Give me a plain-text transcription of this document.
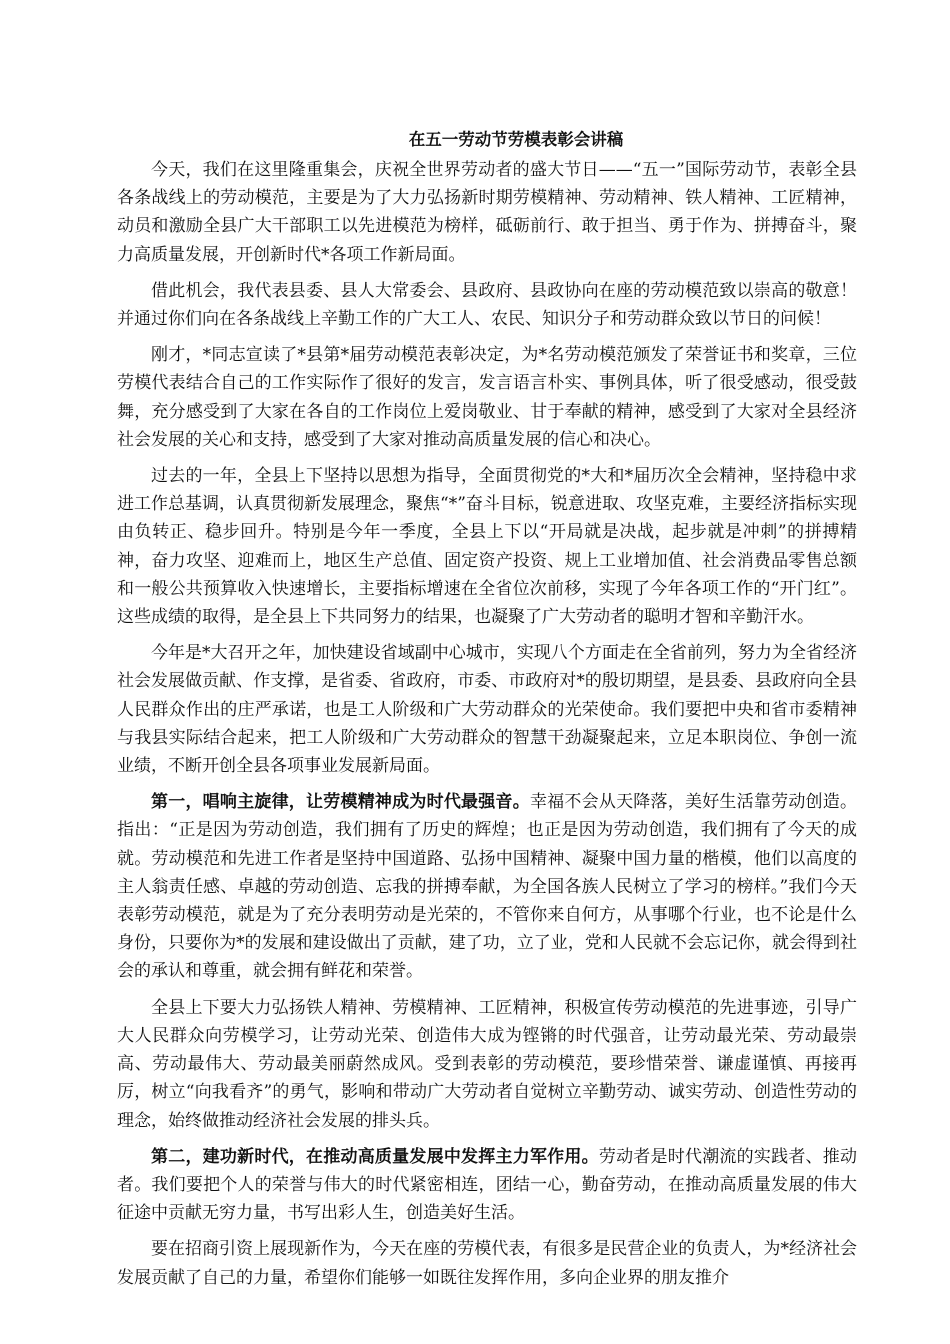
在五一劳动节劳模表彰会讲稿

今天，我们在这里隆重集会，庆祝全世界劳动者的盛大节日——“五一”国际劳动节，表彰全县各条战线上的劳动模范，主要是为了大力弘扬新时期劳模精神、劳动精神、铁人精神、工匠精神，动员和激励全县广大干部职工以先进模范为榜样，砥砺前行、敢于担当、勇于作为、拼搏奋斗，聚力高质量发展，开创新时代*各项工作新局面。

借此机会，我代表县委、县人大常委会、县政府、县政协向在座的劳动模范致以崇高的敬意！并通过你们向在各条战线上辛勤工作的广大工人、农民、知识分子和劳动群众致以节日的问候！

刚才，*同志宣读了*县第*届劳动模范表彰决定，为*名劳动模范颁发了荣誉证书和奖章，三位劳模代表结合自己的工作实际作了很好的发言，发言语言朴实、事例具体，听了很受感动，很受鼓舞，充分感受到了大家在各自的工作岗位上爱岗敬业、甘于奉献的精神，感受到了大家对全县经济社会发展的关心和支持，感受到了大家对推动高质量发展的信心和决心。

过去的一年，全县上下坚持以思想为指导，全面贯彻党的*大和*届历次全会精神，坚持稳中求进工作总基调，认真贯彻新发展理念，聚焦“*”奋斗目标，锐意进取、攻坚克难，主要经济指标实现由负转正、稳步回升。特别是今年一季度，全县上下以“开局就是决战，起步就是冲刺”的拼搏精神，奋力攻坚、迎难而上，地区生产总值、固定资产投资、规上工业增加值、社会消费品零售总额和一般公共预算收入快速增长，主要指标增速在全省位次前移，实现了今年各项工作的“开门红”。这些成绩的取得，是全县上下共同努力的结果，也凝聚了广大劳动者的聪明才智和辛勤汗水。

今年是*大召开之年，加快建设省域副中心城市，实现八个方面走在全省前列，努力为全省经济社会发展做贡献、作支撑，是省委、省政府，市委、市政府对*的殷切期望，是县委、县政府向全县人民群众作出的庄严承诺，也是工人阶级和广大劳动群众的光荣使命。我们要把中央和省市委精神与我县实际结合起来，把工人阶级和广大劳动群众的智慧干劲凝聚起来，立足本职岗位、争创一流业绩，不断开创全县各项事业发展新局面。

第一，唱响主旋律，让劳模精神成为时代最强音。幸福不会从天降落，美好生活靠劳动创造。指出：“正是因为劳动创造，我们拥有了历史的辉煌；也正是因为劳动创造，我们拥有了今天的成就。劳动模范和先进工作者是坚持中国道路、弘扬中国精神、凝聚中国力量的楷模，他们以高度的主人翁责任感、卓越的劳动创造、忘我的拼搏奉献，为全国各族人民树立了学习的榜样。”我们今天表彰劳动模范，就是为了充分表明劳动是光荣的，不管你来自何方，从事哪个行业，也不论是什么身份，只要你为*的发展和建设做出了贡献，建了功，立了业，党和人民就不会忘记你，就会得到社会的承认和尊重，就会拥有鲜花和荣誉。

全县上下要大力弘扬铁人精神、劳模精神、工匠精神，积极宣传劳动模范的先进事迹，引导广大人民群众向劳模学习，让劳动光荣、创造伟大成为铿锵的时代强音，让劳动最光荣、劳动最崇高、劳动最伟大、劳动最美丽蔚然成风。受到表彰的劳动模范，要珍惜荣誉、谦虚谨慎、再接再厉，树立“向我看齐”的勇气，影响和带动广大劳动者自觉树立辛勤劳动、诚实劳动、创造性劳动的理念，始终做推动经济社会发展的排头兵。

第二，建功新时代，在推动高质量发展中发挥主力军作用。劳动者是时代潮流的实践者、推动者。我们要把个人的荣誉与伟大的时代紧密相连，团结一心，勤奋劳动，在推动高质量发展的伟大征途中贡献无穷力量，书写出彩人生，创造美好生活。

要在招商引资上展现新作为，今天在座的劳模代表，有很多是民营企业的负责人，为*经济社会发展贡献了自己的力量，希望你们能够一如既往发挥作用，多向企业界的朋友推介
